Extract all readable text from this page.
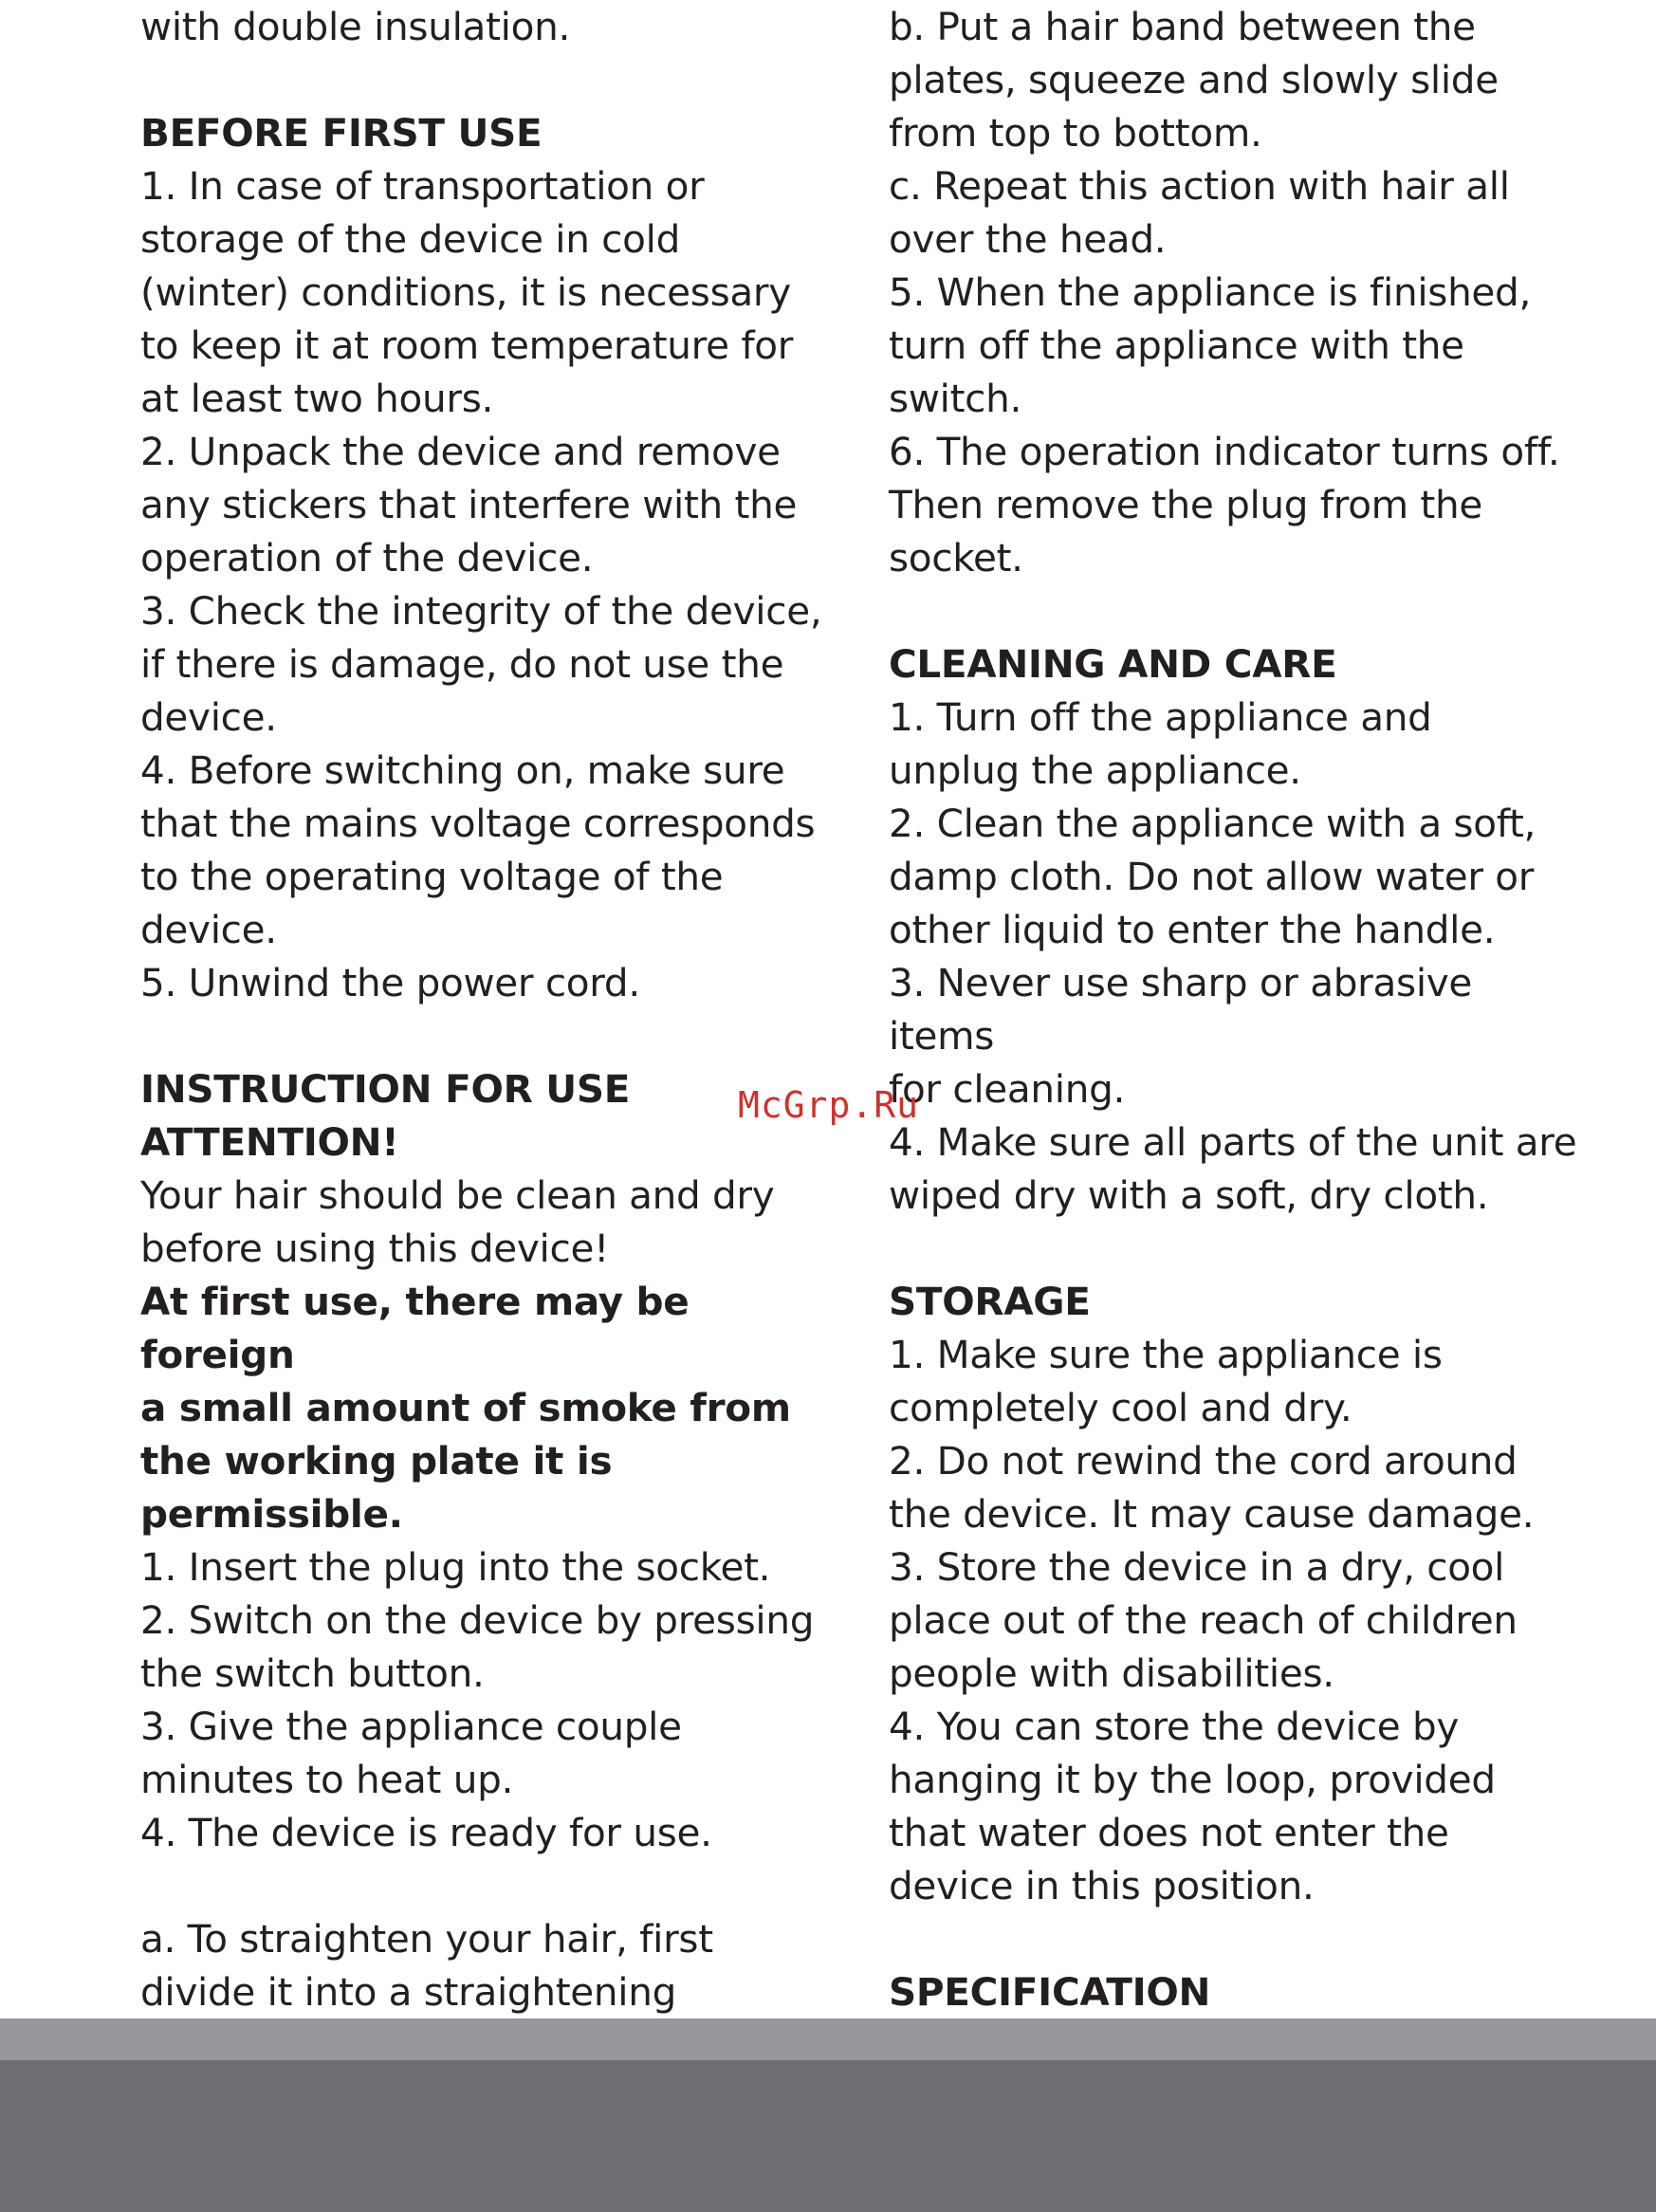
with double insulation.

BEFORE FIRST USE

1. In case of transportation or
storage of the device in cold
(winter) conditions, it is necessary
to keep it at room temperature for
at least two hours.

2. Unpack the device and remove
any stickers that interfere with the
operation of the device.

3. Check the integrity of the device,
if there is damage, do not use the
device.

4. Before switching on, make sure
that the mains voltage corresponds
to the operating voltage of the
device.

5. Unwind the power cord.

INSTRUCTION FOR USE
ATTENTION!

Your hair should be clean and dry
before using this device!

At first use, there may be foreign
a small amount of smoke from
the working plate it is
permissible.

1. Insert the plug into the socket.

2. Switch on the device by pressing
the switch button.

3. Give the appliance couple
minutes to heat up.

4. The device is ready for use.

a. To straighten your hair, first
divide it into a straightening

b. Put a hair band between the
plates, squeeze and slowly slide
from top to bottom.

c. Repeat this action with hair all
over the head.

5. When the appliance is finished,
turn off the appliance with the
switch.

6. The operation indicator turns off.
Then remove the plug from the
socket.

CLEANING AND CARE

1. Turn off the appliance and
unplug the appliance.

2. Clean the appliance with a soft,
damp cloth. Do not allow water or
other liquid to enter the handle.

3. Never use sharp or abrasive items
for cleaning.

4. Make sure all parts of the unit are
wiped dry with a soft, dry cloth.

STORAGE

1. Make sure the appliance is
completely cool and dry.

2. Do not rewind the cord around
the device. It may cause damage.

3. Store the device in a dry, cool
place out of the reach of children
people with disabilities.

4. You can store the device by
hanging it by the loop, provided
that water does not enter the
device in this position.

SPECIFICATION

McGrp.Ru
